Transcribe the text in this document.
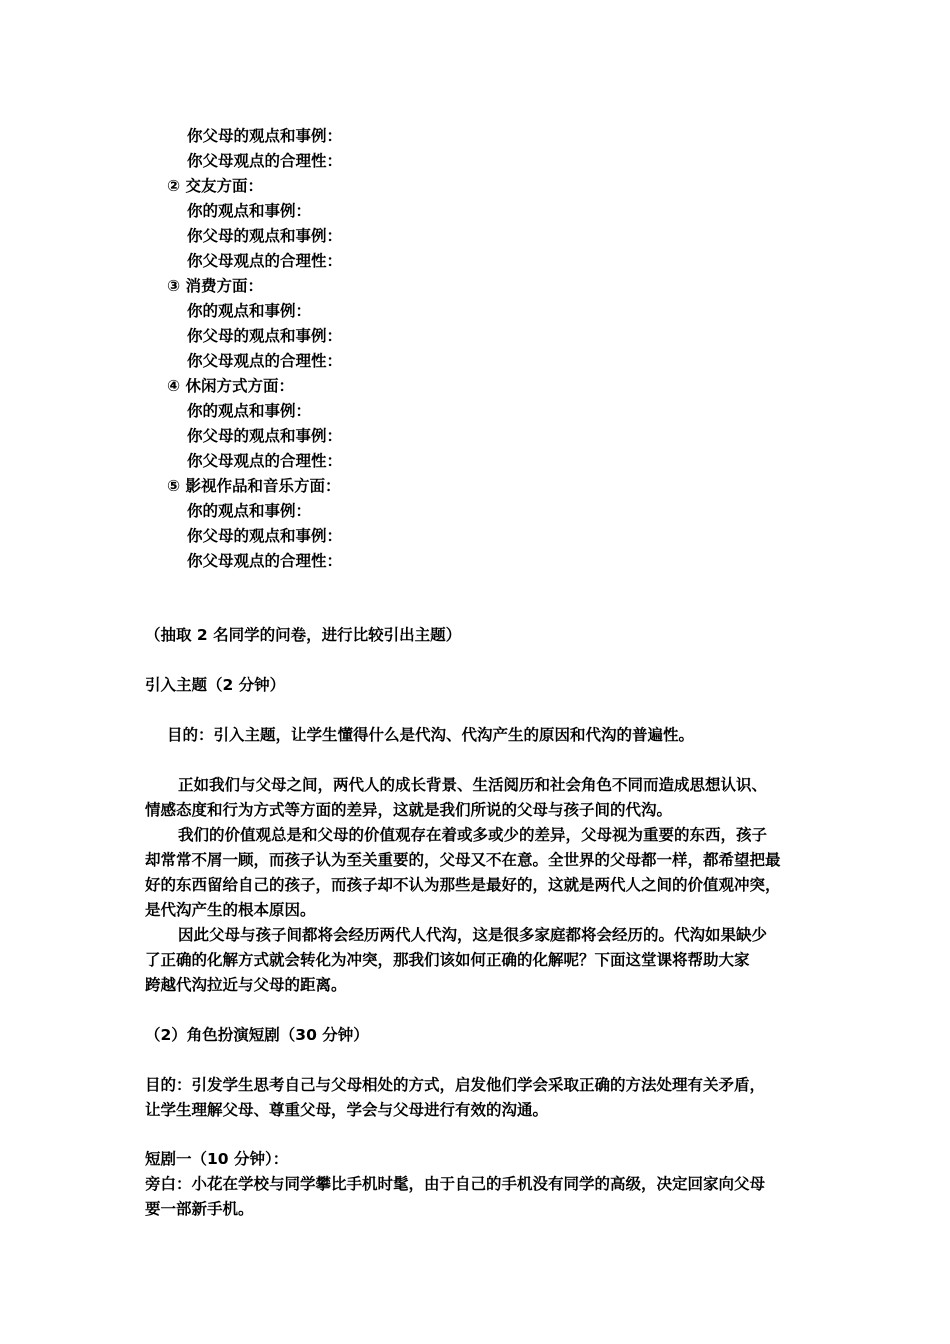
你父母的观点和事例：
你父母观点的合理性：
② 交友方面：
你的观点和事例：
你父母的观点和事例：
你父母观点的合理性：
③ 消费方面：
你的观点和事例：
你父母的观点和事例：
你父母观点的合理性：
④ 休闲方式方面：
你的观点和事例：
你父母的观点和事例：
你父母观点的合理性：
⑤ 影视作品和音乐方面：
你的观点和事例：
你父母的观点和事例：
你父母观点的合理性：
（抽取 2 名同学的问卷，进行比较引出主题）
引入主题（2 分钟）
目的：引入主题，让学生懂得什么是代沟、代沟产生的原因和代沟的普遍性。
正如我们与父母之间，两代人的成长背景、生活阅历和社会角色不同而造成思想认识、
情感态度和行为方式等方面的差异，这就是我们所说的父母与孩子间的代沟。
我们的价值观总是和父母的价值观存在着或多或少的差异，父母视为重要的东西，孩子
却常常不屑一顾，而孩子认为至关重要的，父母又不在意。全世界的父母都一样，都希望把最
好的东西留给自己的孩子，而孩子却不认为那些是最好的，这就是两代人之间的价值观冲突，
是代沟产生的根本原因。
因此父母与孩子间都将会经历两代人代沟，这是很多家庭都将会经历的。代沟如果缺少
了正确的化解方式就会转化为冲突，那我们该如何正确的化解呢？下面这堂课将帮助大家
跨越代沟拉近与父母的距离。
（2）角色扮演短剧（30 分钟）
目的：引发学生思考自己与父母相处的方式，启发他们学会采取正确的方法处理有关矛盾，
让学生理解父母、尊重父母，学会与父母进行有效的沟通。
短剧一（10 分钟）：
旁白：小花在学校与同学攀比手机时髦，由于自己的手机没有同学的高级，决定回家向父母
要一部新手机。
